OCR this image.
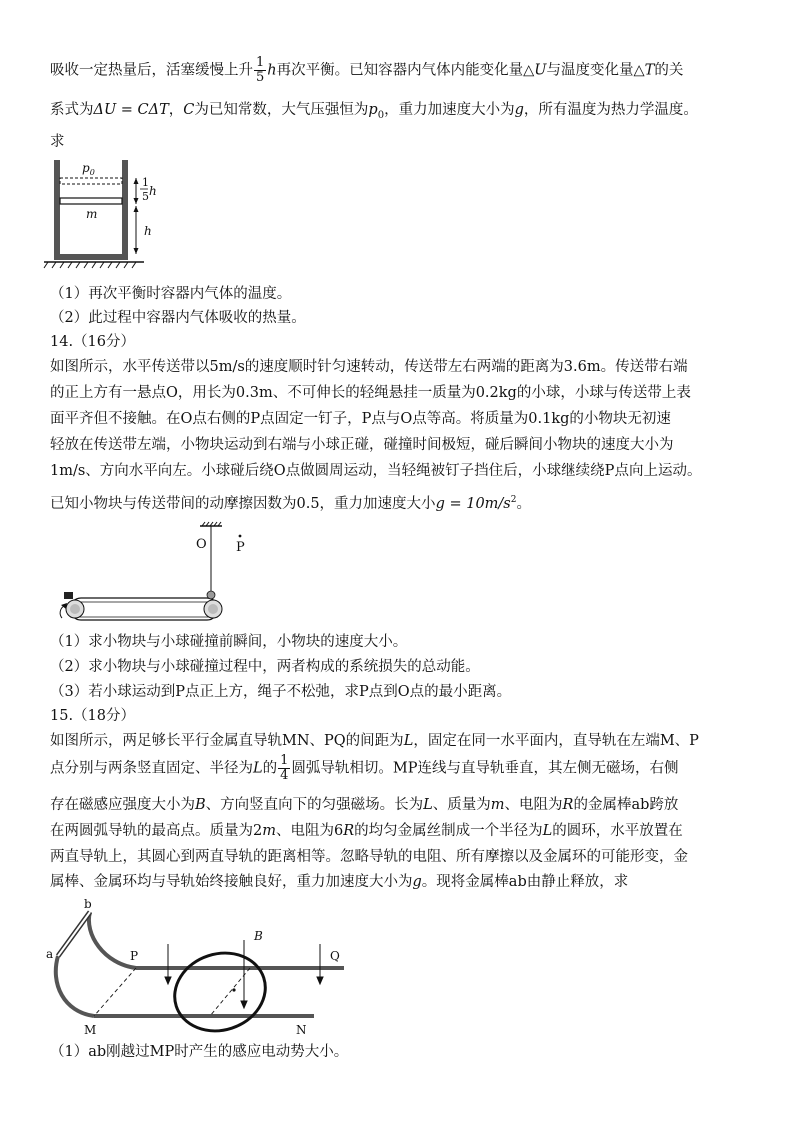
吸收一定热量后，活塞缓慢上升 $\frac{1}{5}$ h再次平衡。已知容器内气体内能变化量△U与温度变化量△T的关
系式为ΔU = CΔT，C为已知常数，大气压强恒为$p_0$，重力加速度大小为g，所有温度为热力学温度。
求
$p_0$
m
1
5 h
h
（1）再次平衡时容器内气体的温度。
（2）此过程中容器内气体吸收的热量。
14.（16分）
如图所示，水平传送带以5m/s的速度顺时针匀速转动，传送带左右两端的距离为3.6m。传送带右端
的正上方有一悬点O，用长为0.3m、不可伸长的轻绳悬挂一质量为0.2kg的小球，小球与传送带上表
面平齐但不接触。在O点右侧的P点固定一钉子，P点与O点等高。将质量为0.1kg的小物块无初速
轻放在传送带左端，小物块运动到右端与小球正碰，碰撞时间极短，碰后瞬间小物块的速度大小为
1m/s、方向水平向左。小球碰后绕O点做圆周运动，当轻绳被钉子挡住后，小球继续绕P点向上运动。
已知小物块与传送带间的动摩擦因数为0.5，重力加速度大小$g = 10m/s^2$。
O P
（1）求小物块与小球碰撞前瞬间，小物块的速度大小。
（2）求小物块与小球碰撞过程中，两者构成的系统损失的总动能。
（3）若小球运动到P点正上方，绳子不松弛，求P点到O点的最小距离。
15.（18分）
如图所示，两足够长平行金属直导轨MN、PQ的间距为L，固定在同一水平面内，直导轨在左端M、P
点分别与两条竖直固定、半径为L的 $\frac{1}{4}$ 圆弧导轨相切。MP连线与直导轨垂直，其左侧无磁场，右侧
存在磁感应强度大小为B、方向竖直向下的匀强磁场。长为L、质量为m、电阻为R的金属棒ab跨放
在两圆弧导轨的最高点。质量为2m、电阻为6R的均匀金属丝制成一个半径为L的圆环，水平放置在
两直导轨上，其圆心到两直导轨的距离相等。忽略导轨的电阻、所有摩擦以及金属环的可能形变，金
属棒、金属环均与导轨始终接触良好，重力加速度大小为g。现将金属棒ab由静止释放，求
b
a	P	Q
M	N
B
（1）ab刚越过MP时产生的感应电动势大小。
